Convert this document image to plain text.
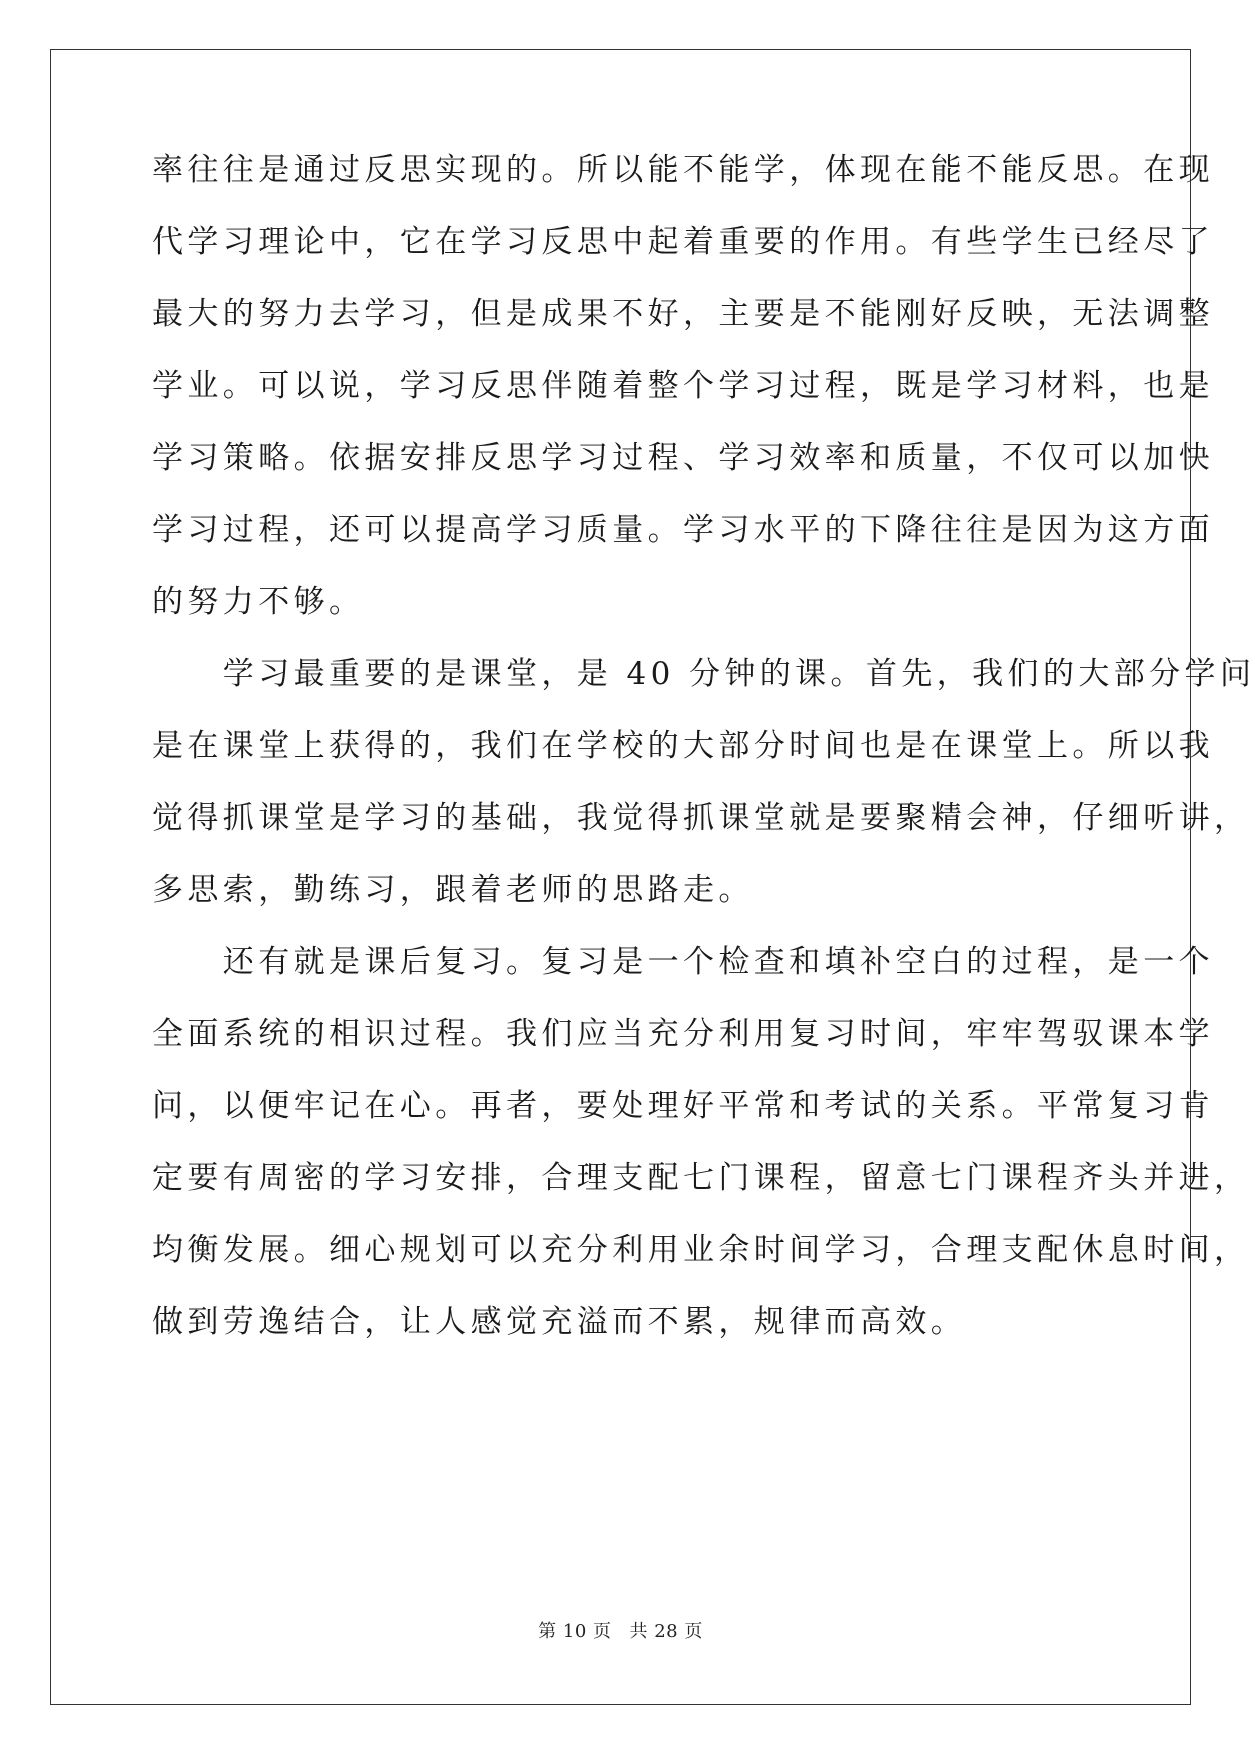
率往往是通过反思实现的。所以能不能学，体现在能不能反思。在现
代学习理论中，它在学习反思中起着重要的作用。有些学生已经尽了
最大的努力去学习，但是成果不好，主要是不能刚好反映，无法调整
学业。可以说，学习反思伴随着整个学习过程，既是学习材料，也是
学习策略。依据安排反思学习过程、学习效率和质量，不仅可以加快
学习过程，还可以提高学习质量。学习水平的下降往往是因为这方面
的努力不够。
　　学习最重要的是课堂，是 40 分钟的课。首先，我们的大部分学问
是在课堂上获得的，我们在学校的大部分时间也是在课堂上。所以我
觉得抓课堂是学习的基础，我觉得抓课堂就是要聚精会神，仔细听讲，
多思索，勤练习，跟着老师的思路走。
　　还有就是课后复习。复习是一个检查和填补空白的过程，是一个
全面系统的相识过程。我们应当充分利用复习时间，牢牢驾驭课本学
问，以便牢记在心。再者，要处理好平常和考试的关系。平常复习肯
定要有周密的学习安排，合理支配七门课程，留意七门课程齐头并进，
均衡发展。细心规划可以充分利用业余时间学习，合理支配休息时间，
做到劳逸结合，让人感觉充溢而不累，规律而高效。
第 10 页 共 28 页
